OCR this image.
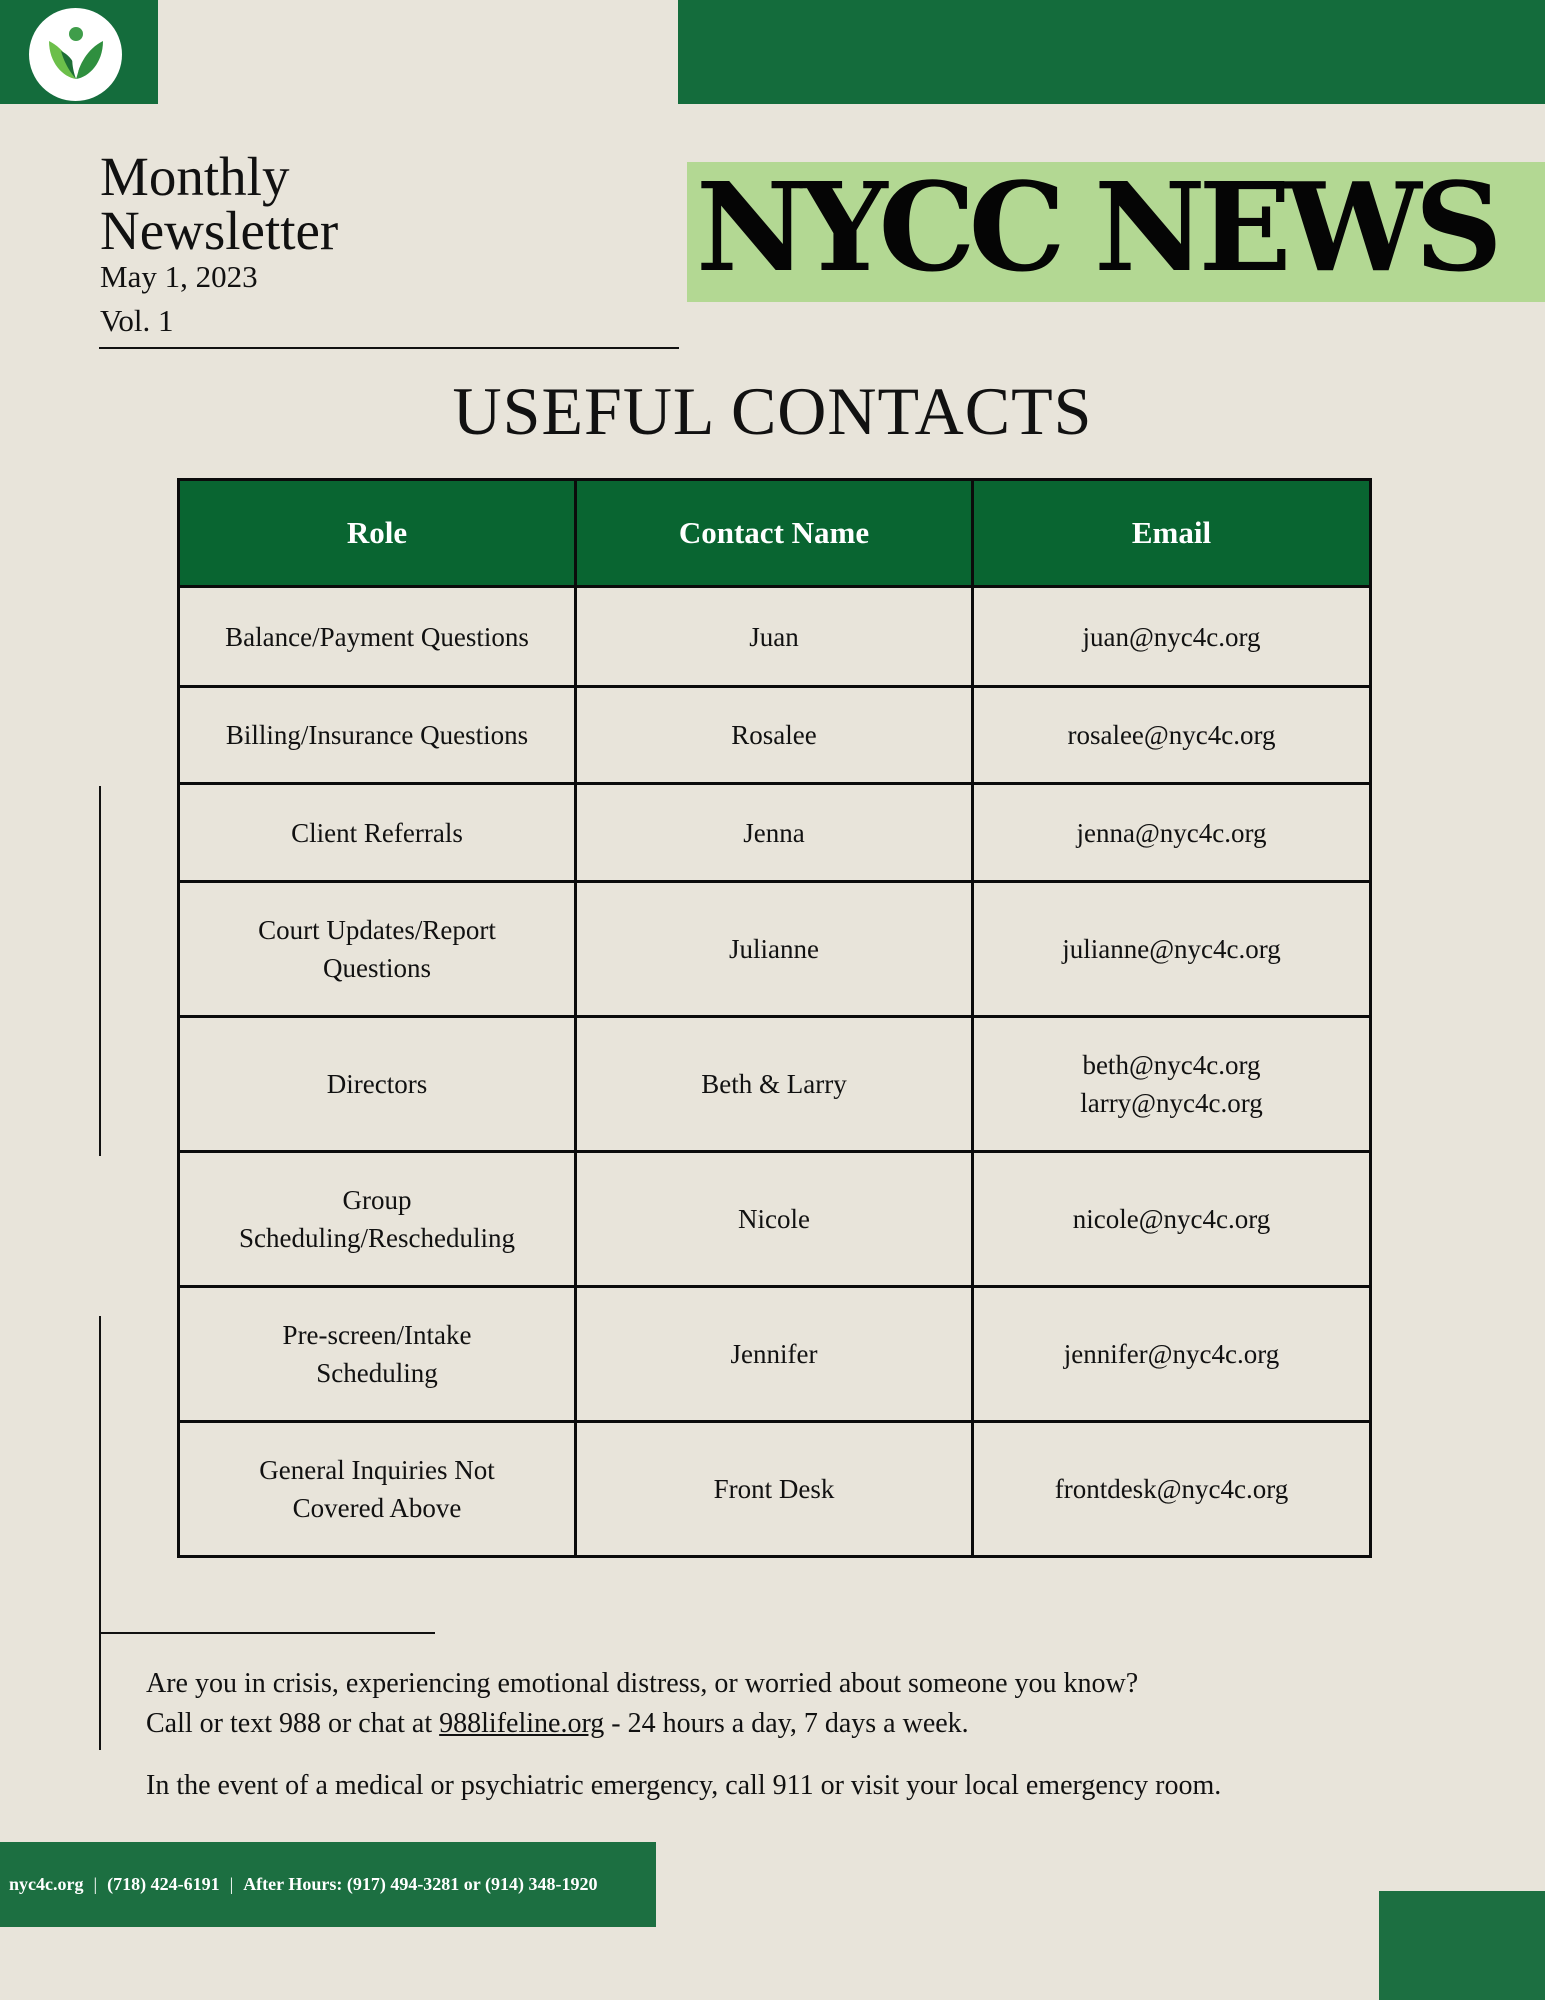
Monthly
Newsletter
May 1, 2023
Vol. 1
NYCC NEWS
USEFUL CONTACTS
Role	Contact Name	Email
Balance/Payment Questions	Juan	juan@nyc4c.org
Billing/Insurance Questions	Rosalee	rosalee@nyc4c.org
Client Referrals	Jenna	jenna@nyc4c.org

Court Updates/Report
Questions	Julianne	julianne@nyc4c.org
Directors	Beth & Larry	beth@nyc4c.org
larry@nyc4c.org

Group
Scheduling/Rescheduling	Nicole	nicole@nyc4c.org

Pre-screen/Intake
Scheduling	Jennifer	jennifer@nyc4c.org

General Inquiries Not
Covered Above	Front Desk	frontdesk@nyc4c.org
Are you in crisis, experiencing emotional distress, or worried about someone you know?
Call or text 988 or chat at 988lifeline.org - 24 hours a day, 7 days a week.
In the event of a medical or psychiatric emergency, call 911 or visit your local emergency room.
nyc4c.org | (718) 424-6191 | After Hours: (917) 494-3281 or (914) 348-1920
